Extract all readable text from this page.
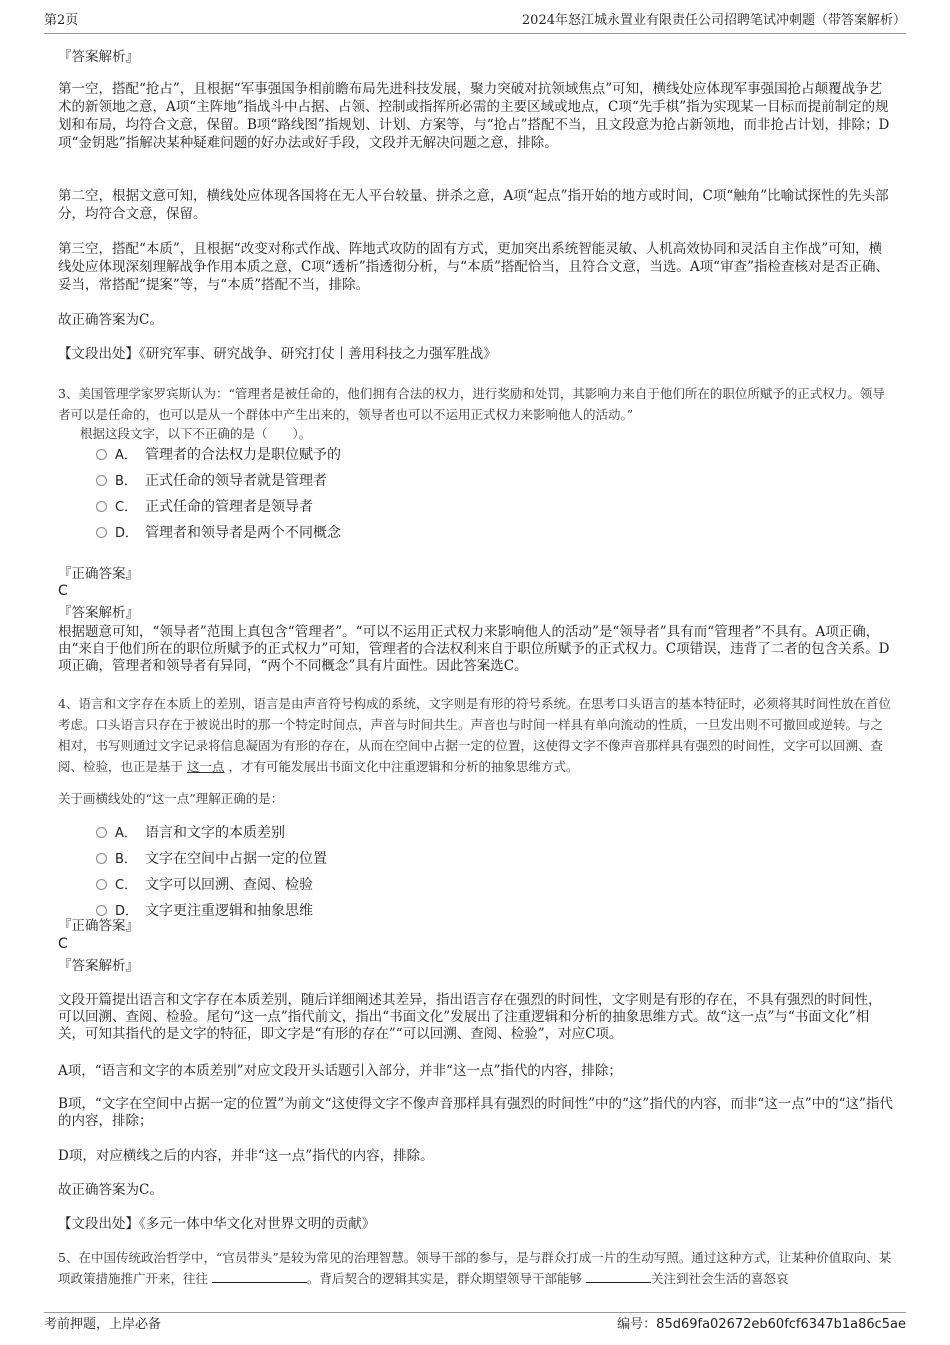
第2页	2024年怒江城永置业有限责任公司招聘笔试冲刺题（带答案解析）
『答案解析』
第一空，搭配“抢占”，且根据“军事强国争相前瞻布局先进科技发展，聚力突破对抗领域焦点”可知，横线处应体现军事强国抢占颠覆战争艺术的新领地之意，A项“主阵地”指战斗中占据、占领、控制或指挥所必需的主要区域或地点，C项“先手棋”指为实现某一目标而提前制定的规划和布局，均符合文意，保留。B项“路线图”指规划、计划、方案等，与“抢占”搭配不当，且文段意为抢占新领地，而非抢占计划，排除；D项“金钥匙”指解决某种疑难问题的好办法或好手段，文段并无解决问题之意，排除。
第二空，根据文意可知，横线处应体现各国将在无人平台较量、拼杀之意，A项“起点”指开始的地方或时间，C项“触角”比喻试探性的先头部分，均符合文意，保留。
第三空，搭配“本质”，且根据“改变对称式作战、阵地式攻防的固有方式，更加突出系统智能灵敏、人机高效协同和灵活自主作战”可知，横线处应体现深刻理解战争作用本质之意，C项“透析”指透彻分析，与“本质”搭配恰当，且符合文意，当选。A项“审查”指检查核对是否正确、妥当，常搭配“提案”等，与“本质”搭配不当，排除。
故正确答案为C。
【文段出处】《研究军事、研究战争、研究打仗丨善用科技之力强军胜战》
3、美国管理学家罗宾斯认为：“管理者是被任命的，他们拥有合法的权力，进行奖励和处罚，其影响力来自于他们所在的职位所赋予的正式权力。领导者可以是任命的，也可以是从一个群体中产生出来的，领导者也可以不运用正式权力来影响他人的活动。”
根据这段文字，以下不正确的是（　　）。
A． 管理者的合法权力是职位赋予的
B． 正式任命的领导者就是管理者
C． 正式任命的管理者是领导者
D． 管理者和领导者是两个不同概念
『正确答案』
C
『答案解析』
根据题意可知，“领导者”范围上真包含“管理者”。“可以不运用正式权力来影响他人的活动”是“领导者”具有而“管理者”不具有。A项正确，由“来自于他们所在的职位所赋予的正式权力”可知，管理者的合法权利来自于职位所赋予的正式权力。C项错误，违背了二者的包含关系。D项正确，管理者和领导者有异同，“两个不同概念”具有片面性。因此答案选C。
4、语言和文字存在本质上的差别，语言是由声音符号构成的系统，文字则是有形的符号系统。在思考口头语言的基本特征时，必须将其时间性放在首位考虑。口头语言只存在于被说出时的那一个特定时间点，声音与时间共生。声音也与时间一样具有单向流动的性质，一旦发出则不可撤回或逆转。与之相对，书写则通过文字记录将信息凝固为有形的存在，从而在空间中占据一定的位置，这使得文字不像声音那样具有强烈的时间性，文字可以回溯、查阅、检验，也正是基于 这一点 ，才有可能发展出书面文化中注重逻辑和分析的抽象思维方式。
关于画横线处的“这一点”理解正确的是：
A． 语言和文字的本质差别
B． 文字在空间中占据一定的位置
C． 文字可以回溯、查阅、检验
D． 文字更注重逻辑和抽象思维
『正确答案』
C
『答案解析』
文段开篇提出语言和文字存在本质差别，随后详细阐述其差异，指出语言存在强烈的时间性，文字则是有形的存在，不具有强烈的时间性，可以回溯、查阅、检验。尾句“这一点”指代前文，指出“书面文化”发展出了注重逻辑和分析的抽象思维方式。故“这一点”与“书面文化”相关，可知其指代的是文字的特征，即文字是“有形的存在”“可以回溯、查阅、检验”，对应C项。
A项，“语言和文字的本质差别”对应文段开头话题引入部分，并非“这一点”指代的内容，排除；
B项，“文字在空间中占据一定的位置”为前文“这使得文字不像声音那样具有强烈的时间性”中的“这”指代的内容，而非“这一点”中的“这”指代的内容，排除；
D项，对应横线之后的内容，并非“这一点”指代的内容，排除。
故正确答案为C。
【文段出处】《多元一体中华文化对世界文明的贡献》
5、在中国传统政治哲学中，“官员带头”是较为常见的治理智慧。领导干部的参与，是与群众打成一片的生动写照。通过这种方式，让某种价值取向、某项政策措施推广开来，往往	。背后契合的逻辑其实是，群众期望领导干部能够	关注到社会生活的喜怒哀
考前押题，上岸必备	编号：85d69fa02672eb60fcf6347b1a86c5ae
